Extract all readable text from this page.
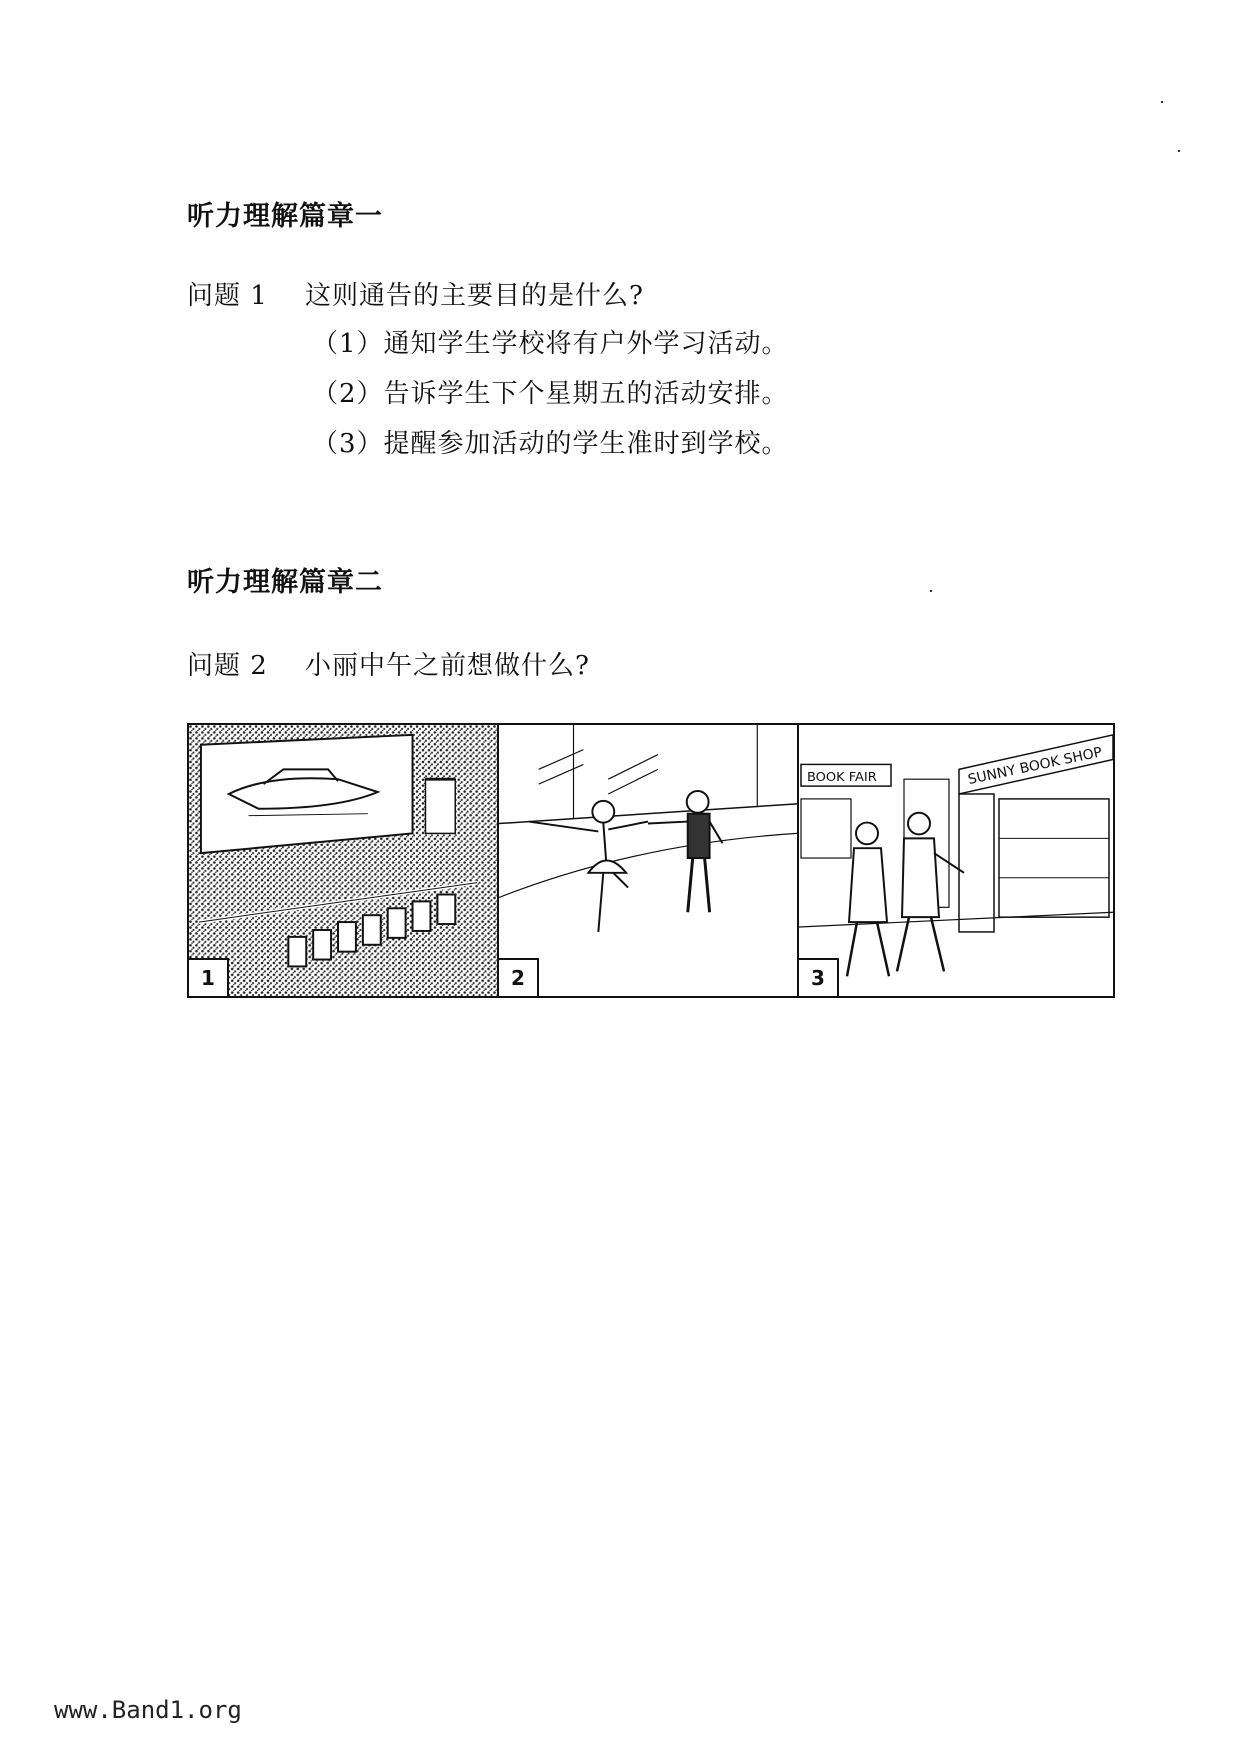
听力理解篇章一
问题 1 这则通告的主要目的是什么?
（1）通知学生学校将有户外学习活动。
（2）告诉学生下个星期五的活动安排。
（3）提醒参加活动的学生准时到学校。
听力理解篇章二
问题 2 小丽中午之前想做什么?
1	2
BOOK FAIR	SUNNY BOOK SHOP
3
www.Band1.org
